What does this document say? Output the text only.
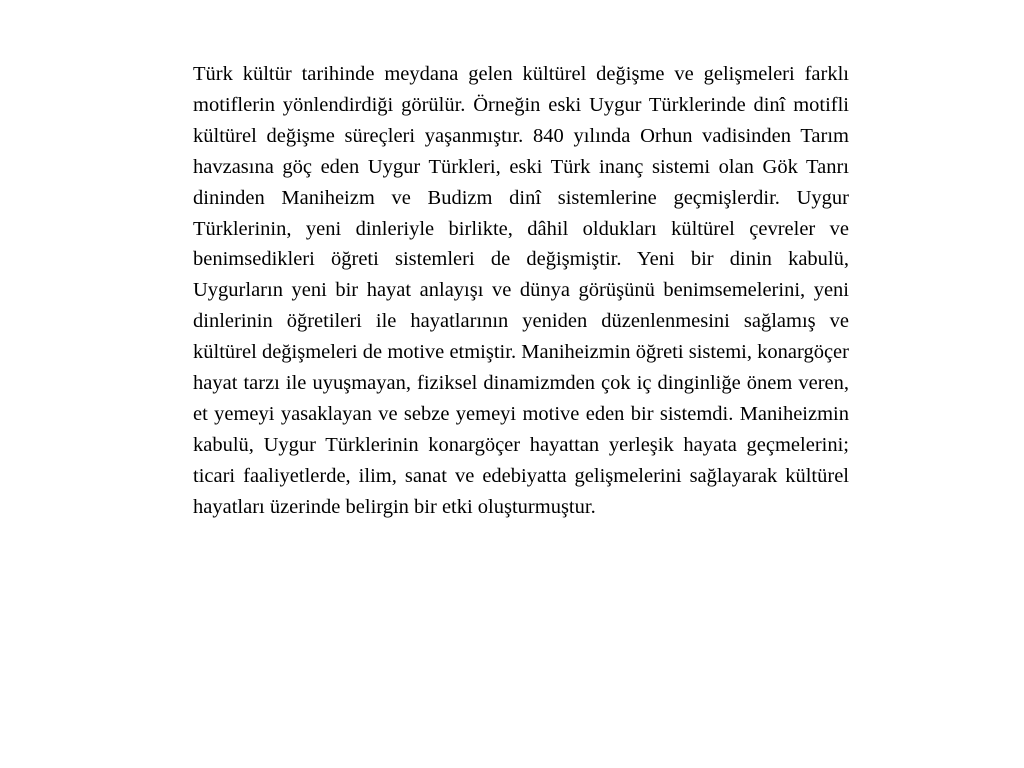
Türk kültür tarihinde meydana gelen kültürel değişme ve gelişmeleri farklı motiflerin yönlendirdiği görülür. Örneğin eski Uygur Türklerinde dinî motifli kültürel değişme süreçleri yaşanmıştır. 840 yılında Orhun vadisinden Tarım havzasına göç eden Uygur Türkleri, eski Türk inanç sistemi olan Gök Tanrı dininden Maniheizm ve Budizm dinî sistemlerine geçmişlerdir. Uygur Türklerinin, yeni dinleriyle birlikte, dâhil oldukları kültürel çevreler ve benimsedikleri öğreti sistemleri de değişmiştir. Yeni bir dinin kabulü, Uygurların yeni bir hayat anlayışı ve dünya görüşünü benimsemelerini, yeni dinlerinin öğretileri ile hayatlarının yeniden düzenlenmesini sağlamış ve kültürel değişmeleri de motive etmiştir. Maniheizmin öğreti sistemi, konargöçer hayat tarzı ile uyuşmayan, fiziksel dinamizmden çok iç dinginliğe önem veren, et yemeyi yasaklayan ve sebze yemeyi motive eden bir sistemdi. Maniheizmin kabulü, Uygur Türklerinin konargöçer hayattan yerleşik hayata geçmelerini; ticari faaliyetlerde, ilim, sanat ve edebiyatta gelişmelerini sağlayarak kültürel hayatları üzerinde belirgin bir etki oluşturmuştur.
